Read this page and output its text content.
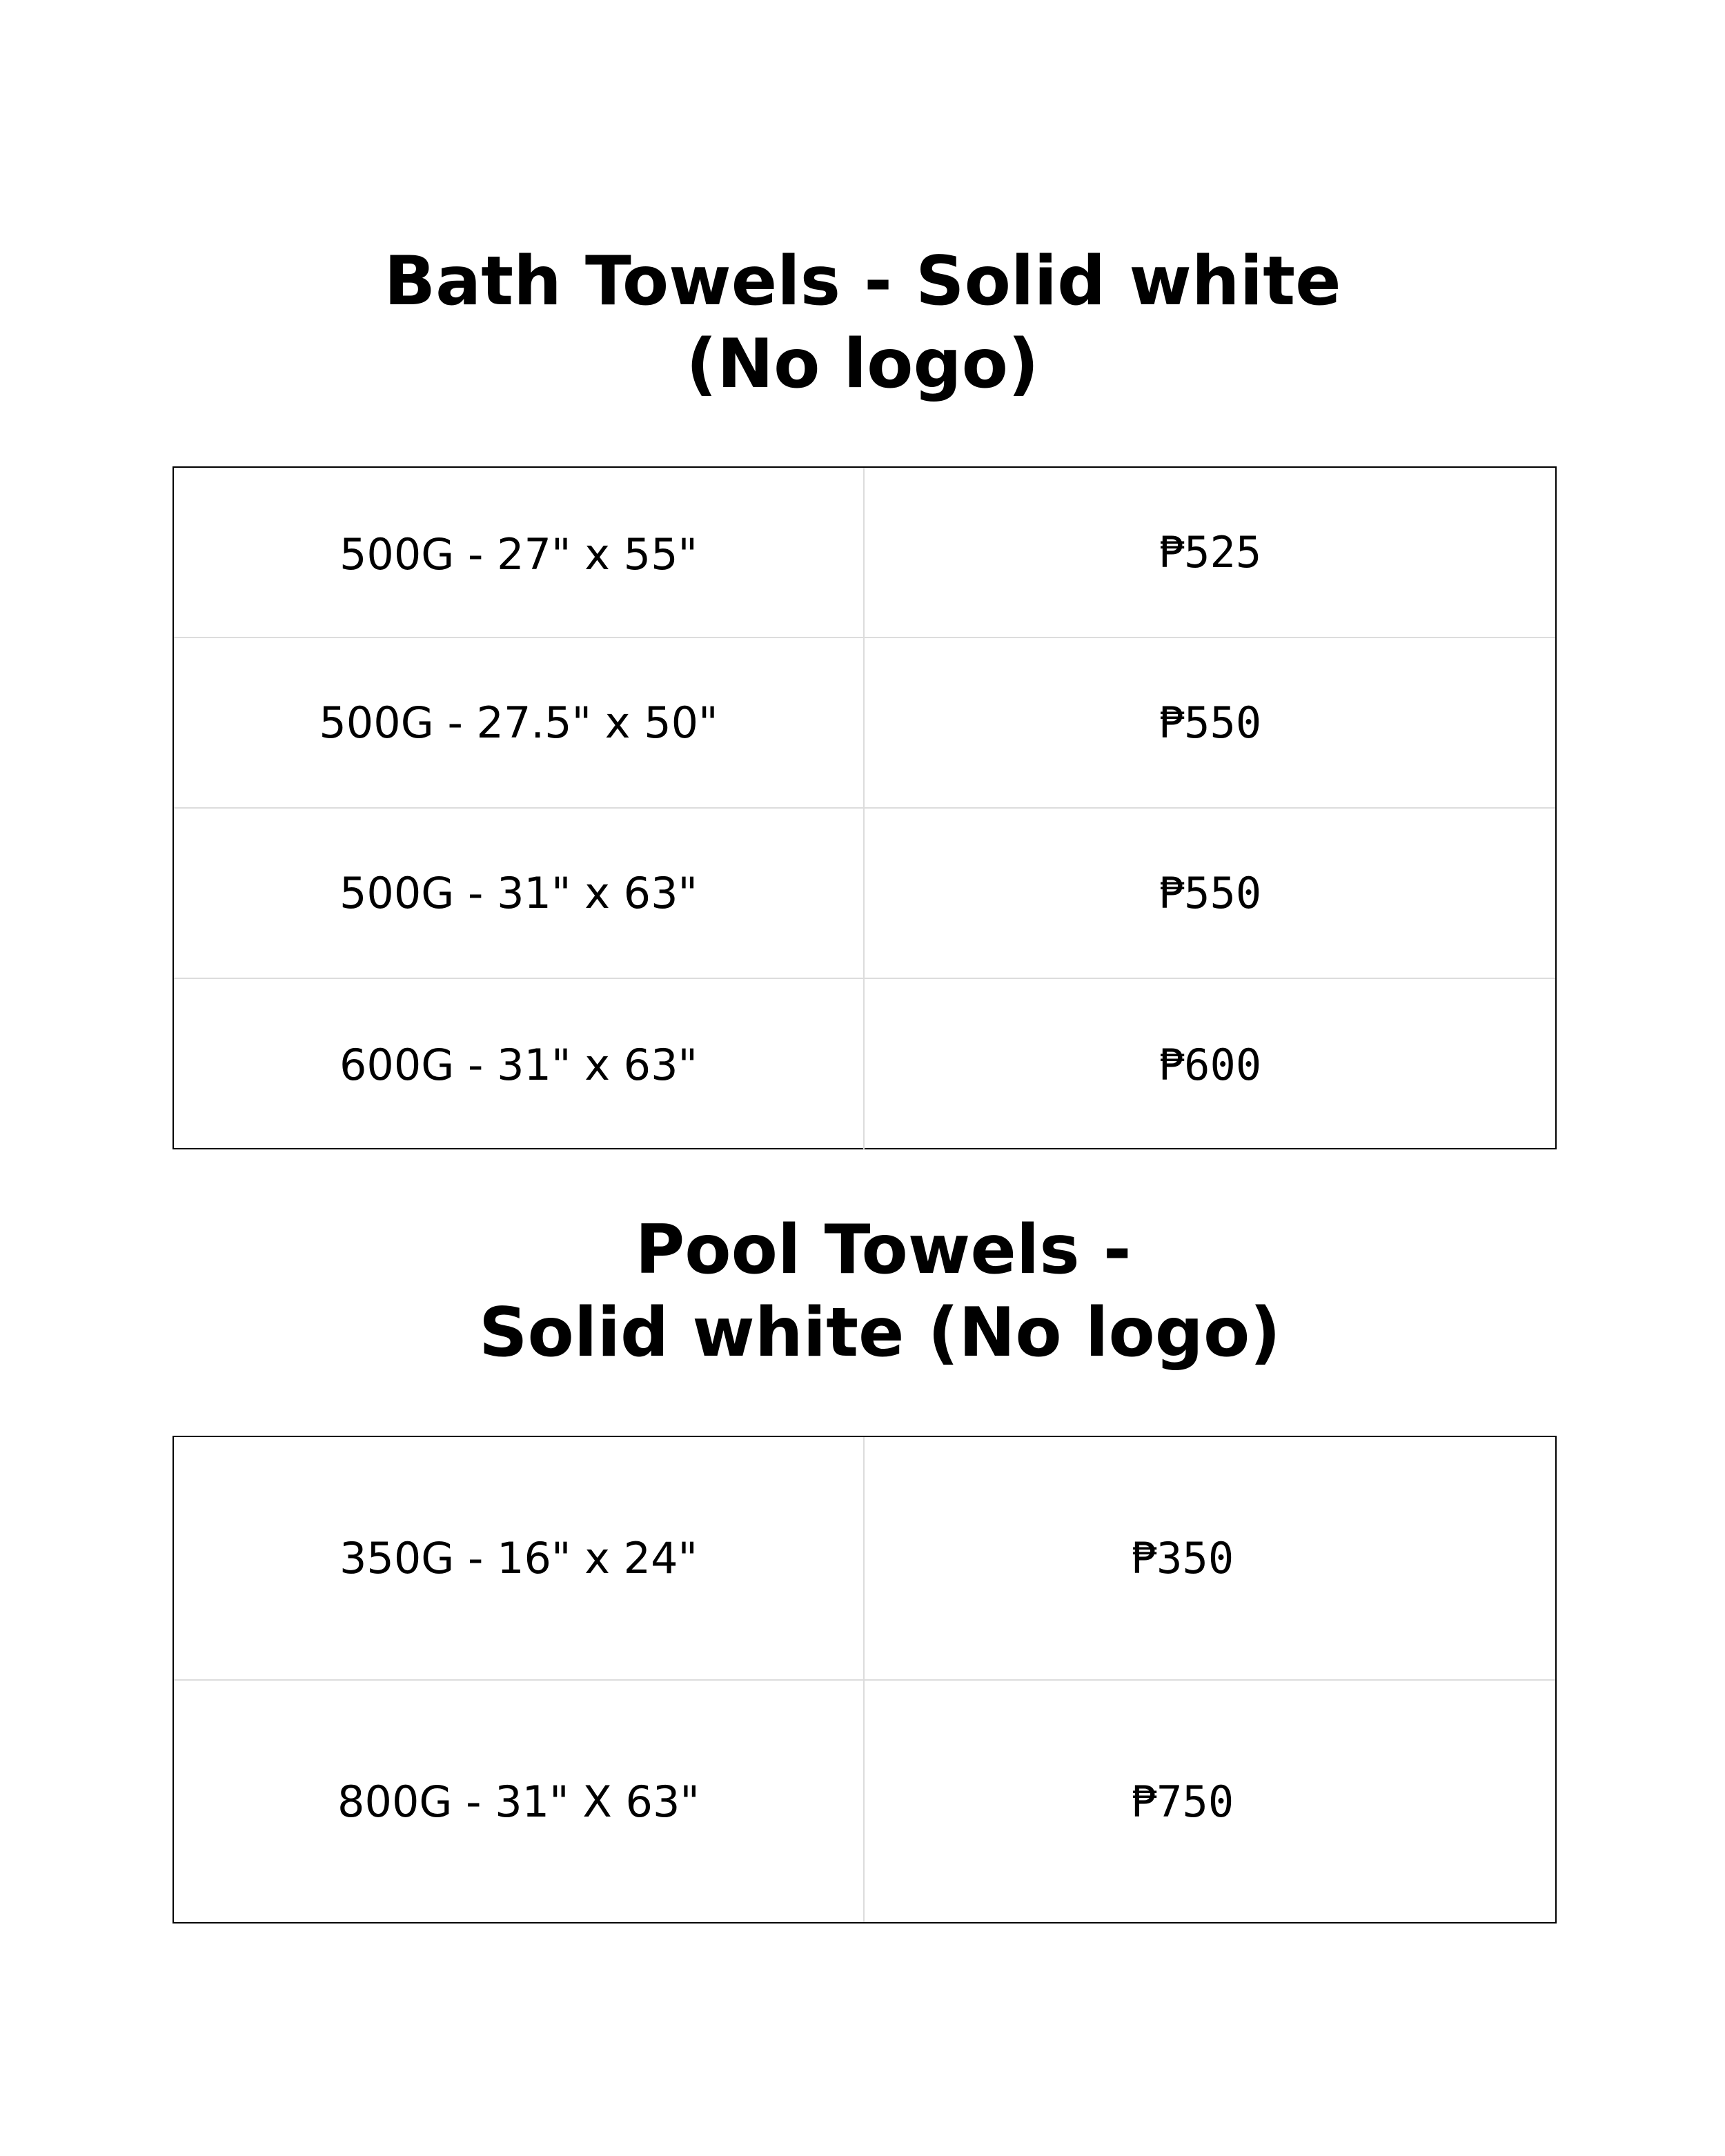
Bath Towels - Solid white
(No logo)
500G - 27" x 55"	₱525
500G - 27.5" x 50"	₱550
500G - 31" x 63"	₱550
600G - 31" x 63"	₱600
Pool Towels -
Solid white (No logo)
350G - 16" x 24"	₱350
800G - 31" X 63"	₱750
